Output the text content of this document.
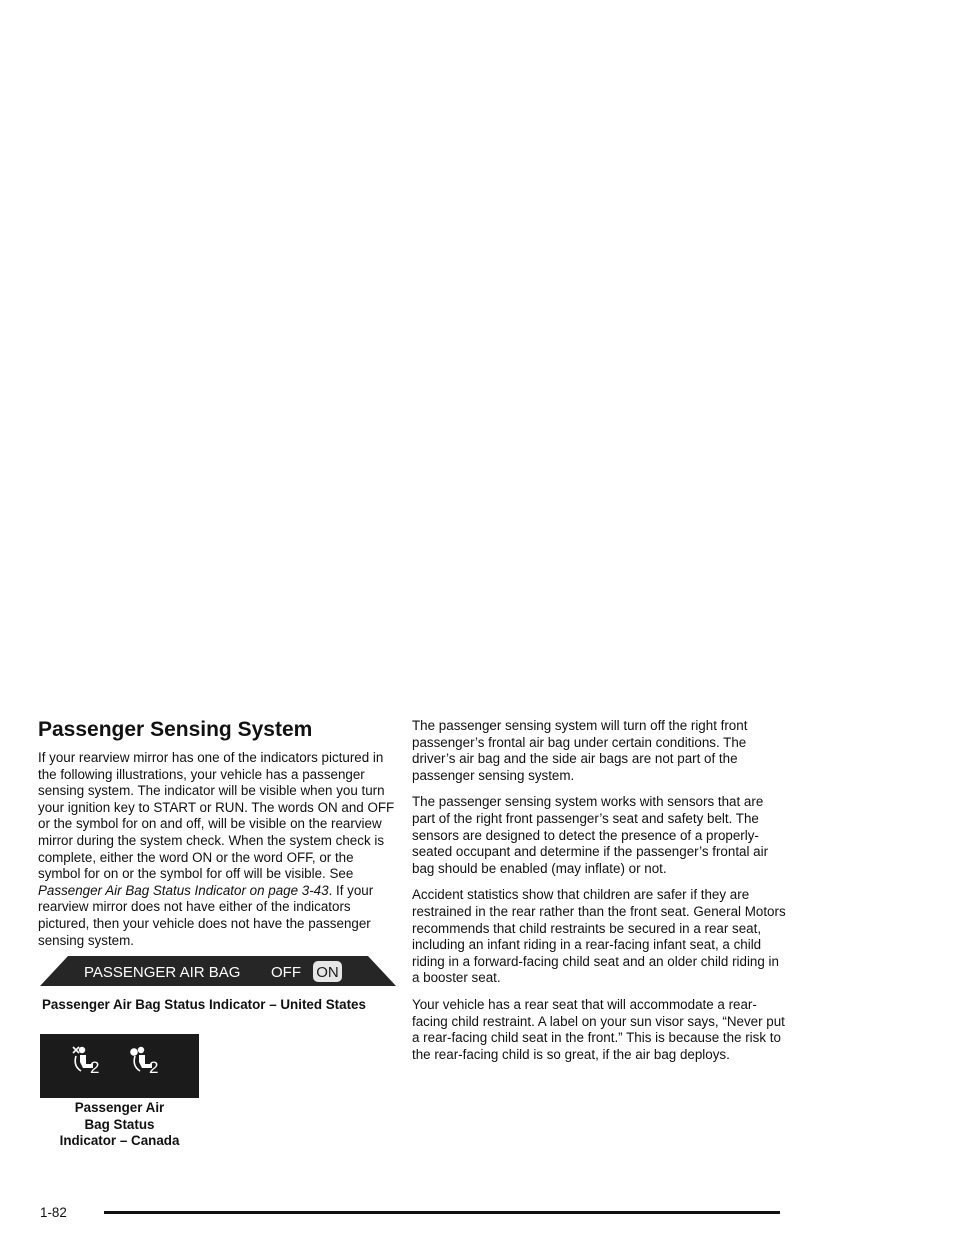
Passenger Sensing System

If your rearview mirror has one of the indicators pictured in the following illustrations, your vehicle has a passenger sensing system. The indicator will be visible when you turn your ignition key to START or RUN. The words ON and OFF or the symbol for on and off, will be visible on the rearview mirror during the system check. When the system check is complete, either the word ON or the word OFF, or the symbol for on or the symbol for off will be visible. See Passenger Air Bag Status Indicator on page 3-43. If your rearview mirror does not have either of the indicators pictured, then your vehicle does not have the passenger sensing system.

PASSENGER AIR BAG OFF ON
Passenger Air Bag Status Indicator – United States
2	2
Passenger Air
Bag Status
Indicator – Canada

The passenger sensing system will turn off the right front passenger’s frontal air bag under certain conditions. The driver’s air bag and the side air bags are not part of the passenger sensing system.

The passenger sensing system works with sensors that are part of the right front passenger’s seat and safety belt. The sensors are designed to detect the presence of a properly-seated occupant and determine if the passenger’s frontal air bag should be enabled (may inflate) or not.

Accident statistics show that children are safer if they are restrained in the rear rather than the front seat. General Motors recommends that child restraints be secured in a rear seat, including an infant riding in a rear-facing infant seat, a child riding in a forward-facing child seat and an older child riding in a booster seat.

Your vehicle has a rear seat that will accommodate a rear-facing child restraint. A label on your sun visor says, “Never put a rear-facing child seat in the front.” This is because the risk to the rear-facing child is so great, if the air bag deploys.

1-82
